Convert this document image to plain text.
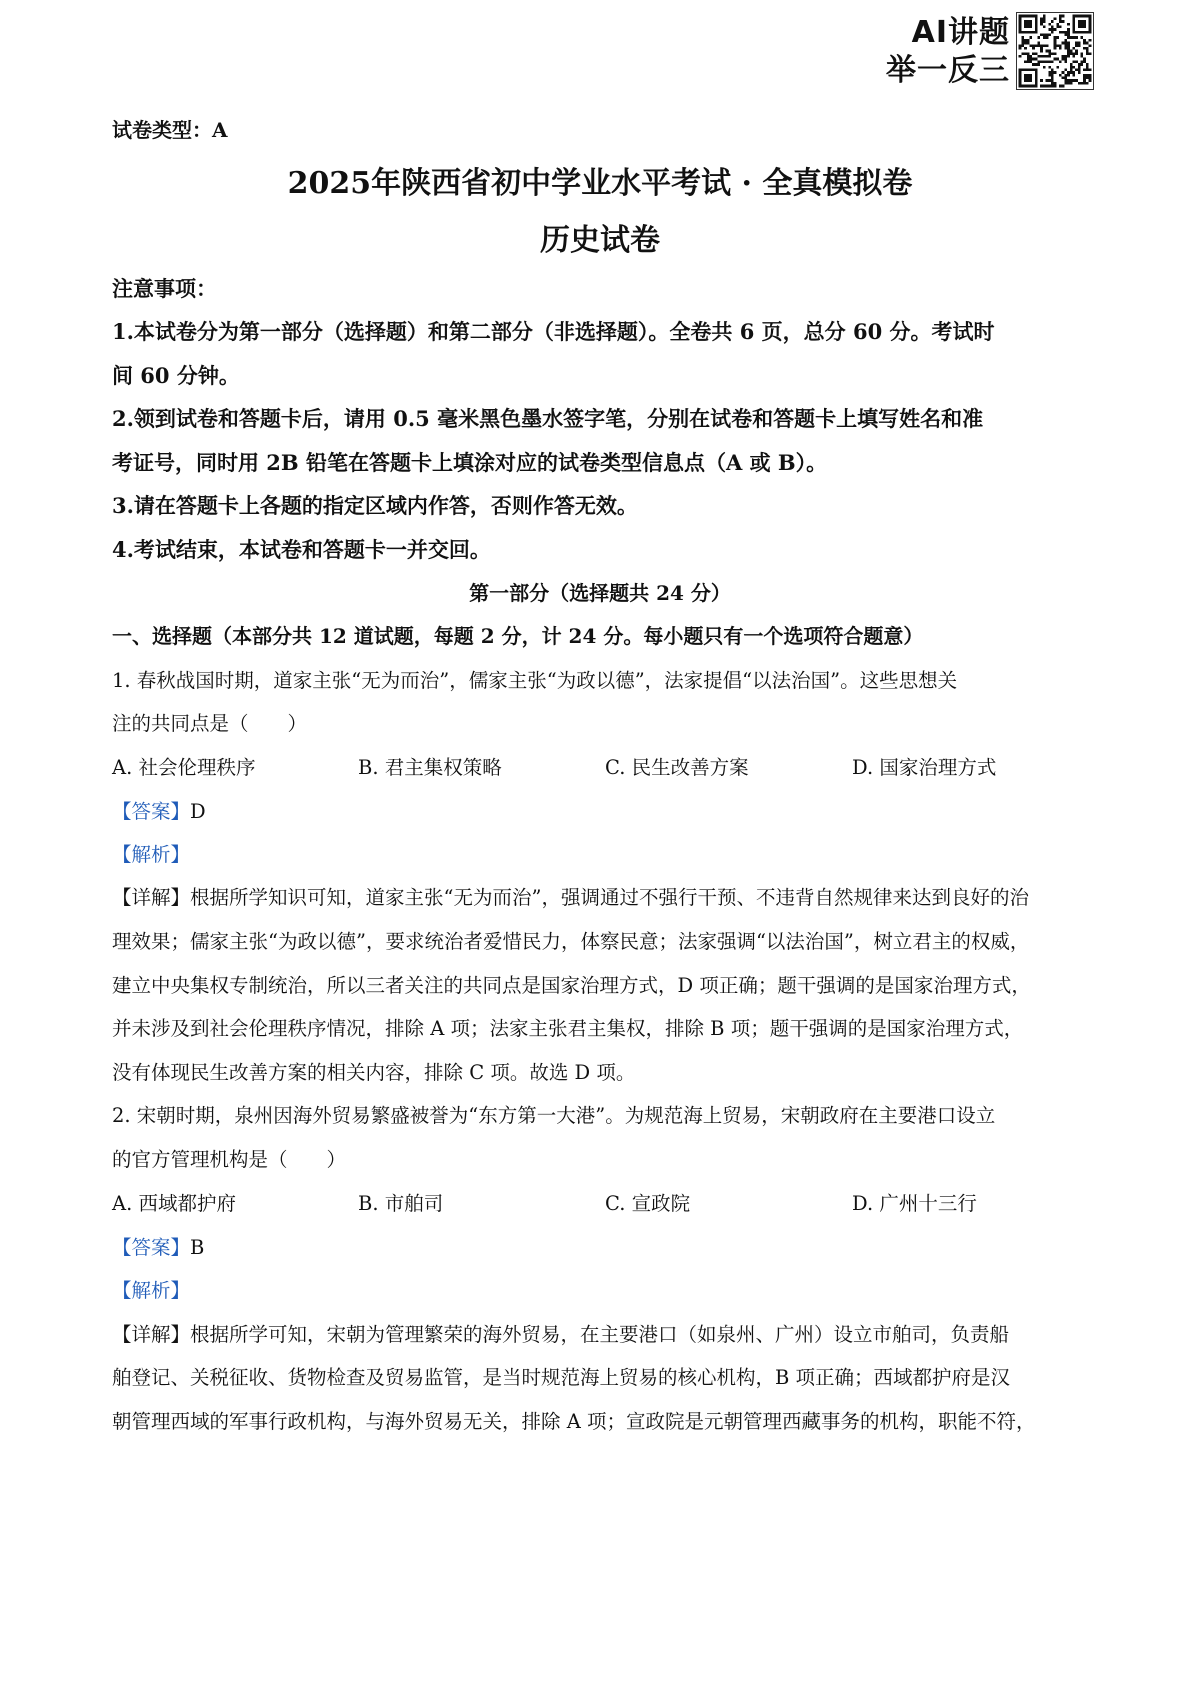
AI讲题
举一反三
试卷类型：A
2025年陕西省初中学业水平考试 · 全真模拟卷
历史试卷
注意事项：
1.本试卷分为第一部分（选择题）和第二部分（非选择题）。全卷共 6 页，总分 60 分。考试时
间 60 分钟。
2.领到试卷和答题卡后，请用 0.5 毫米黑色墨水签字笔，分别在试卷和答题卡上填写姓名和准
考证号，同时用 2B 铅笔在答题卡上填涂对应的试卷类型信息点（A 或 B）。
3.请在答题卡上各题的指定区域内作答，否则作答无效。
4.考试结束，本试卷和答题卡一并交回。
第一部分（选择题共 24 分）
一、选择题（本部分共 12 道试题，每题 2 分，计 24 分。每小题只有一个选项符合题意）
1. 春秋战国时期，道家主张“无为而治”，儒家主张“为政以德”，法家提倡“以法治国”。这些思想关
注的共同点是（　　）
A. 社会伦理秩序	B. 君主集权策略	C. 民生改善方案	D. 国家治理方式
【答案】D
【解析】
【详解】根据所学知识可知，道家主张“无为而治”，强调通过不强行干预、不违背自然规律来达到良好的治
理效果；儒家主张“为政以德”，要求统治者爱惜民力，体察民意；法家强调“以法治国”，树立君主的权威，
建立中央集权专制统治，所以三者关注的共同点是国家治理方式，D 项正确；题干强调的是国家治理方式，
并未涉及到社会伦理秩序情况，排除 A 项；法家主张君主集权，排除 B 项；题干强调的是国家治理方式，
没有体现民生改善方案的相关内容，排除 C 项。故选 D 项。
2. 宋朝时期，泉州因海外贸易繁盛被誉为“东方第一大港”。为规范海上贸易，宋朝政府在主要港口设立
的官方管理机构是（　　）
A. 西域都护府	B. 市舶司	C. 宣政院	D. 广州十三行
【答案】B
【解析】
【详解】根据所学可知，宋朝为管理繁荣的海外贸易，在主要港口（如泉州、广州）设立市舶司，负责船
舶登记、关税征收、货物检查及贸易监管，是当时规范海上贸易的核心机构，B 项正确；西域都护府是汉
朝管理西域的军事行政机构，与海外贸易无关，排除 A 项；宣政院是元朝管理西藏事务的机构，职能不符，
